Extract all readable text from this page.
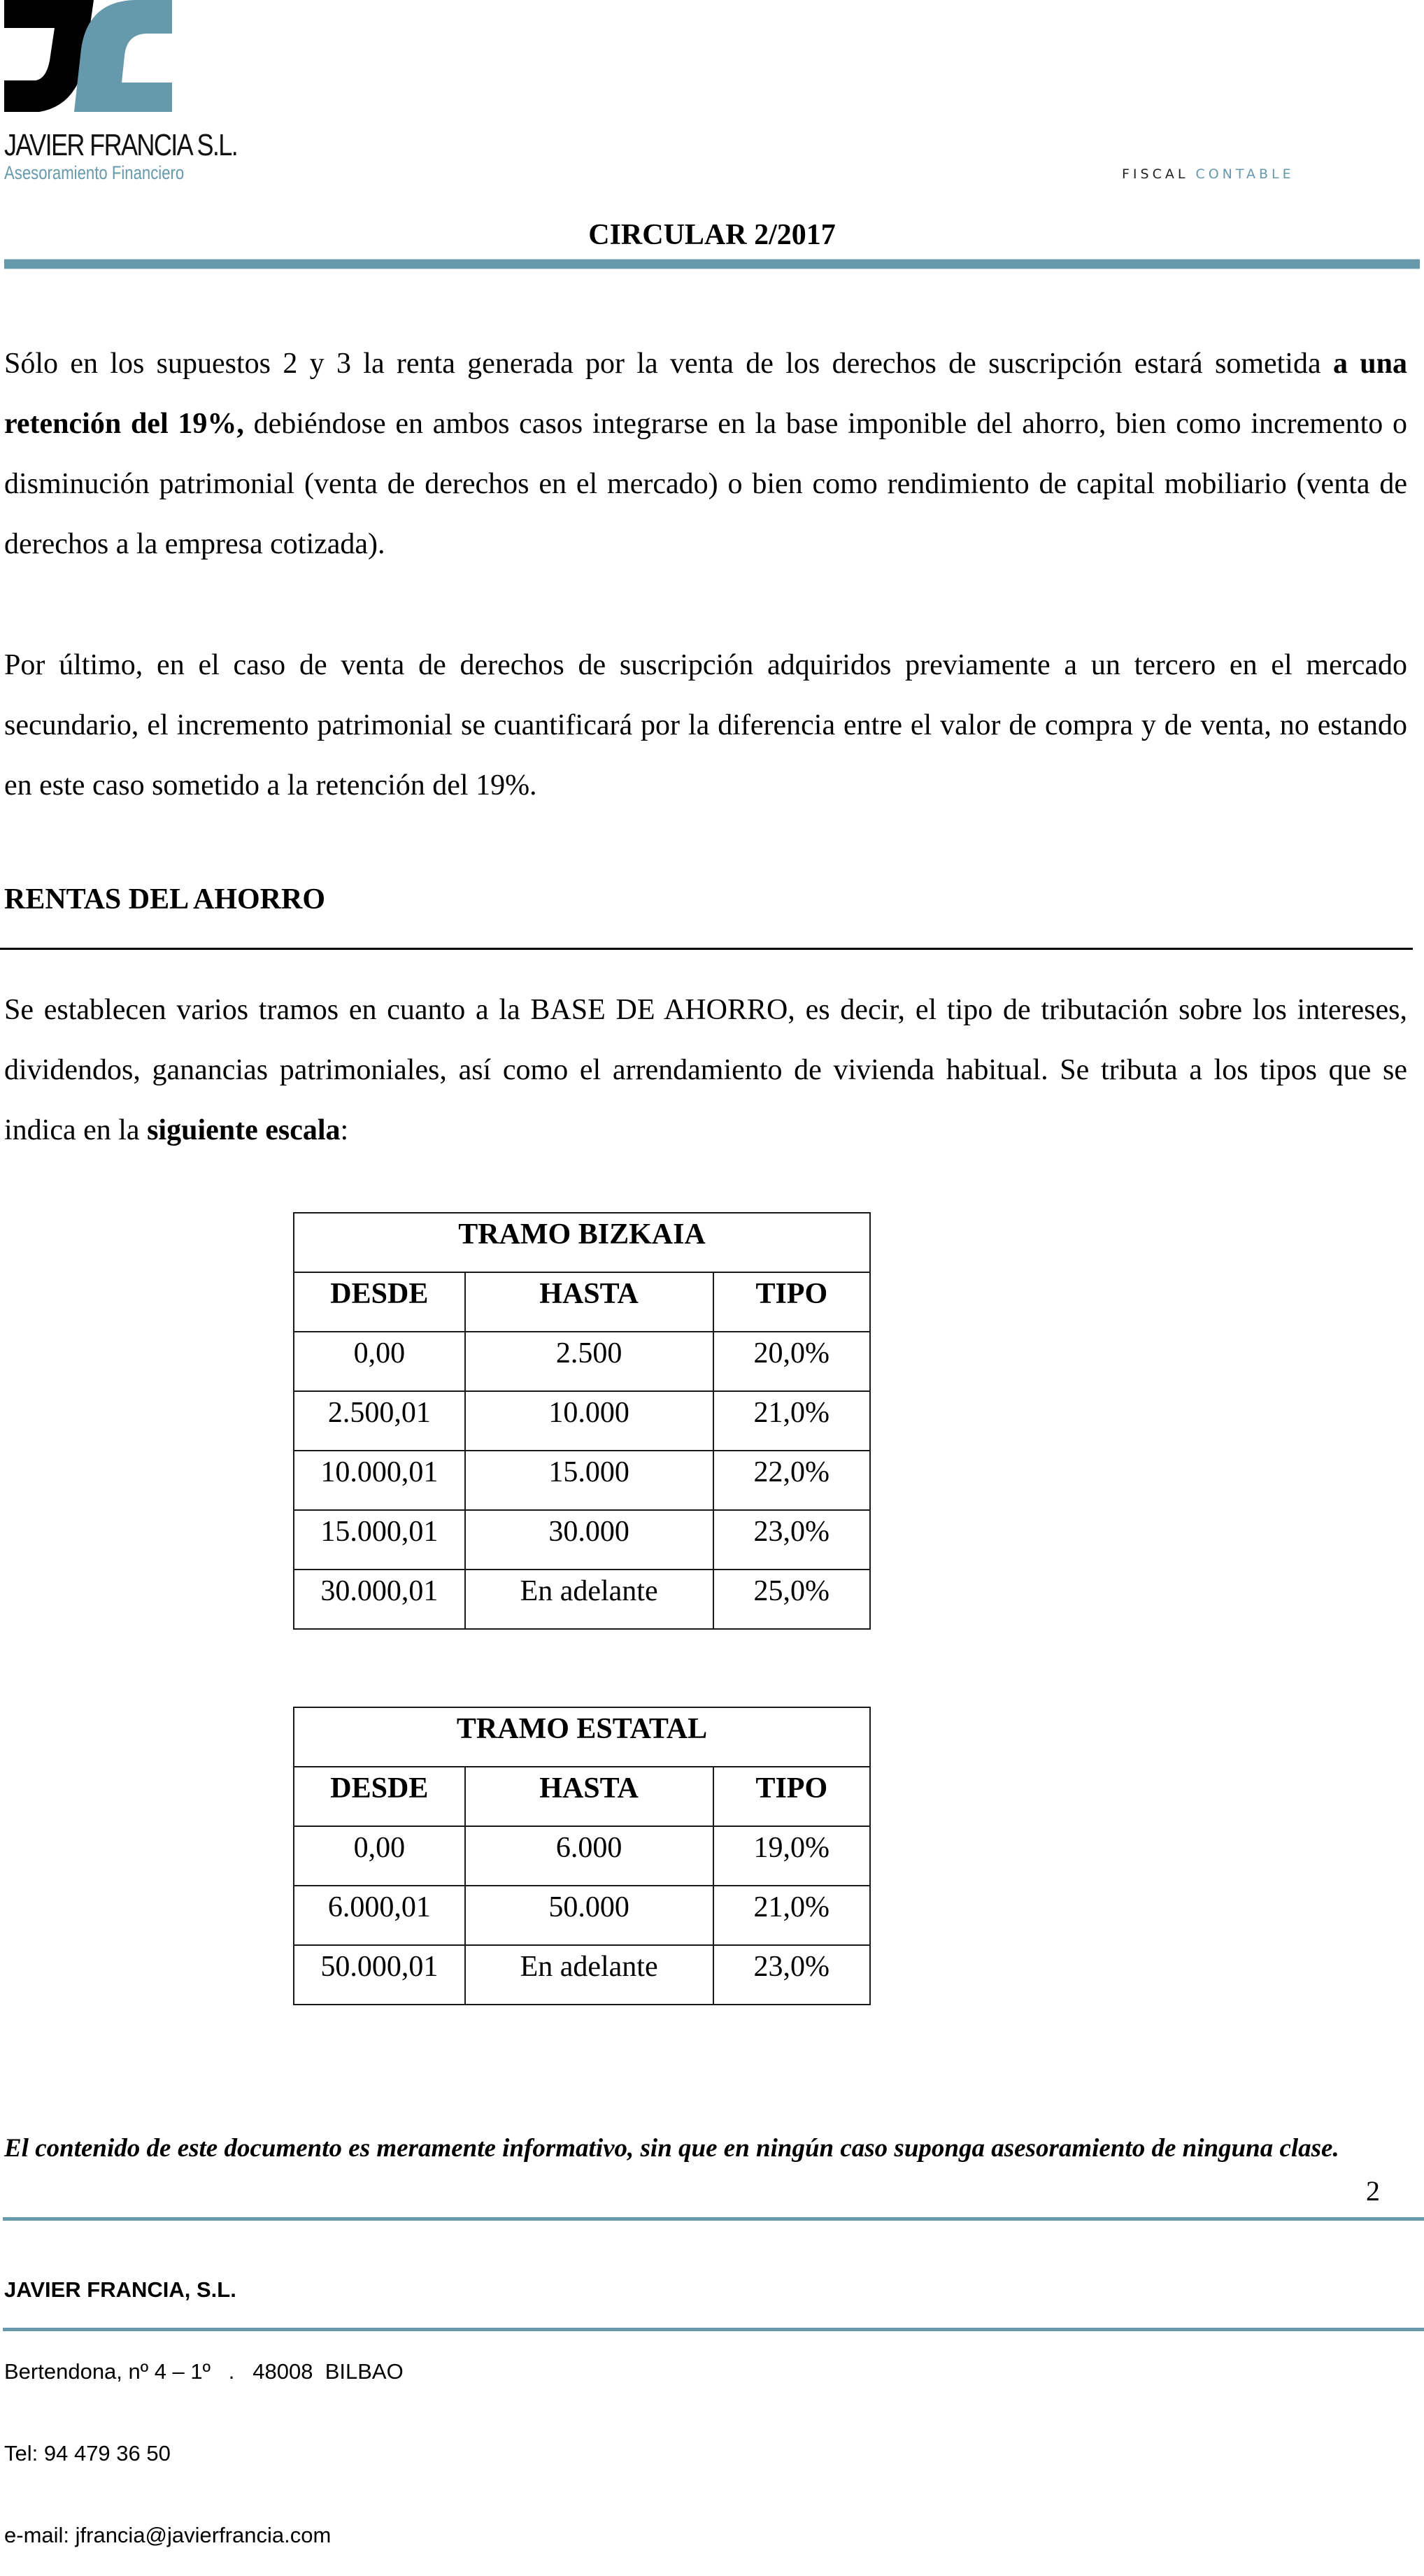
JAVIER FRANCIA S.L.
Asesoramiento Financiero	FISCAL CONTABLE
CIRCULAR 2/2017
Sólo en los supuestos 2 y 3 la renta generada por la venta de los derechos de suscripción estará sometida a una retención del 19%, debiéndose en ambos casos integrarse en la base imponible del ahorro, bien como incremento o disminución patrimonial (venta de derechos en el mercado) o bien como rendimiento de capital mobiliario (venta de derechos a la empresa cotizada).
Por último, en el caso de venta de derechos de suscripción adquiridos previamente a un tercero en el mercado secundario, el incremento patrimonial se cuantificará por la diferencia entre el valor de compra y de venta, no estando en este caso sometido a la retención del 19%.
RENTAS DEL AHORRO
Se establecen varios tramos en cuanto a la BASE DE AHORRO, es decir, el tipo de tributación sobre los intereses, dividendos, ganancias patrimoniales, así como el arrendamiento de vivienda habitual. Se tributa a los tipos que se indica en la siguiente escala:
TRAMO BIZKAIA		
DESDE	HASTA	TIPO
0,00	2.500	20,0%
2.500,01	10.000	21,0%
10.000,01	15.000	22,0%
15.000,01	30.000	23,0%
30.000,01	En adelante	25,0%
TRAMO ESTATAL		
DESDE	HASTA	TIPO
0,00	6.000	19,0%
6.000,01	50.000	21,0%
50.000,01	En adelante	23,0%
El contenido de este documento es meramente informativo, sin que en ningún caso suponga asesoramiento de ninguna clase.
2

JAVIER FRANCIA, S.L.

Bertendona, nº 4 – 1º   .   48008  BILBAO

Tel: 94 479 36 50

e-mail: jfrancia@javierfrancia.com
